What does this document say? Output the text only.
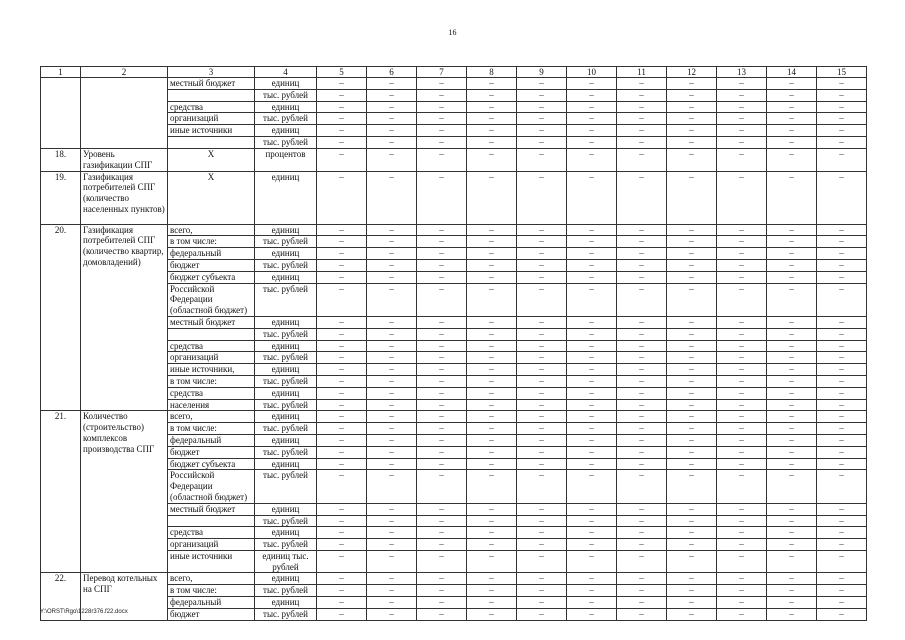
16
1	2	3	4	5	6	7	8	9	10	11	12	13	14	15
		местный бюджет	единиц	–	–	–	–	–	–	–	–	–	–	–
			тыс. рублей	–	–	–	–	–	–	–	–	–	–	–
		средства	единиц	–	–	–	–	–	–	–	–	–	–	–
		организаций	тыс. рублей	–	–	–	–	–	–	–	–	–	–	–
		иные источники	единиц	–	–	–	–	–	–	–	–	–	–	–
			тыс. рублей	–	–	–	–	–	–	–	–	–	–	–
18.	Уровень газификации СПГ	Х	процентов	–	–	–	–	–	–	–	–	–	–	–
19.	Газификация потребителей СПГ (количество населенных пунктов)	Х	единиц	–	–	–	–	–	–	–	–	–	–	–
20.	Газификация потребителей СПГ (количество квартир, домовладений)	всего,	единиц	–	–	–	–	–	–	–	–	–	–	–
		в том числе:	тыс. рублей	–	–	–	–	–	–	–	–	–	–	–
		федеральный	единиц	–	–	–	–	–	–	–	–	–	–	–
		бюджет	тыс. рублей	–	–	–	–	–	–	–	–	–	–	–
		бюджет субъекта	единиц	–	–	–	–	–	–	–	–	–	–	–
		Российской Федерации (областной бюджет)	тыс. рублей	–	–	–	–	–	–	–	–	–	–	–
		местный бюджет	единиц	–	–	–	–	–	–	–	–	–	–	–
			тыс. рублей	–	–	–	–	–	–	–	–	–	–	–
		средства	единиц	–	–	–	–	–	–	–	–	–	–	–
		организаций	тыс. рублей	–	–	–	–	–	–	–	–	–	–	–
		иные источники,	единиц	–	–	–	–	–	–	–	–	–	–	–
		в том числе:	тыс. рублей	–	–	–	–	–	–	–	–	–	–	–
		средства	единиц	–	–	–	–	–	–	–	–	–	–	–
		населения	тыс. рублей	–	–	–	–	–	–	–	–	–	–	–
21.	Количество (строительство) комплексов производства СПГ	всего,	единиц	–	–	–	–	–	–	–	–	–	–	–
		в том числе:	тыс. рублей	–	–	–	–	–	–	–	–	–	–	–
		федеральный	единиц	–	–	–	–	–	–	–	–	–	–	–
		бюджет	тыс. рублей	–	–	–	–	–	–	–	–	–	–	–
		бюджет субъекта	единиц	–	–	–	–	–	–	–	–	–	–	–
		Российской Федерации (областной бюджет)	тыс. рублей	–	–	–	–	–	–	–	–	–	–	–
		местный бюджет	единиц	–	–	–	–	–	–	–	–	–	–	–
			тыс. рублей	–	–	–	–	–	–	–	–	–	–	–
		средства	единиц	–	–	–	–	–	–	–	–	–	–	–
		организаций	тыс. рублей	–	–	–	–	–	–	–	–	–	–	–
		иные источники	единиц тыс. рублей	–	–	–	–	–	–	–	–	–	–	–
22.	Перевод котельных на СПГ	всего,	единиц	–	–	–	–	–	–	–	–	–	–	–
		в том числе:	тыс. рублей	–	–	–	–	–	–	–	–	–	–	–
		федеральный	единиц	–	–	–	–	–	–	–	–	–	–	–
		бюджет	тыс. рублей	–	–	–	–	–	–	–	–	–	–	–
Y:\ORST\Rgo\1228r376.f22.docx
